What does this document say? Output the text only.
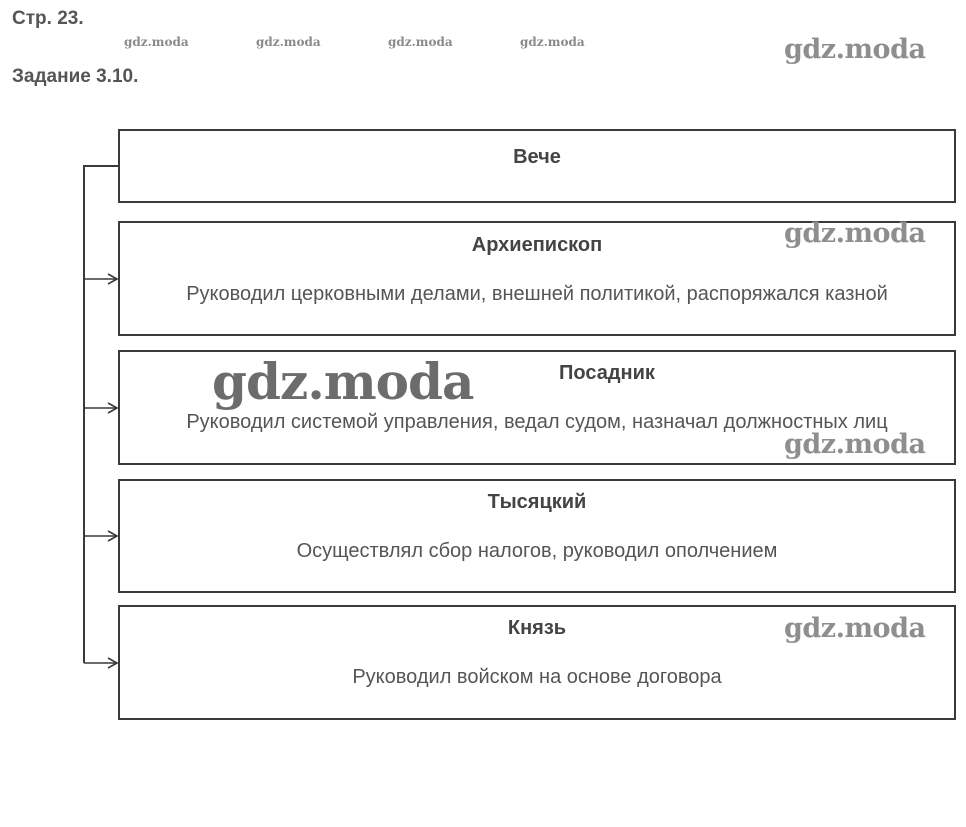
Стр. 23.
Задание 3.10.
gdz.moda	gdz.moda	gdz.moda	gdz.moda
Вече
Архиепископ
Руководил церковными делами, внешней политикой, распоряжался казной
Посадник
Руководил системой управления, ведал судом, назначал должностных лиц
Тысяцкий
Осуществлял сбор налогов, руководил ополчением
Князь
Руководил войском на основе договора
gdz.moda
gdz.moda
gdz.moda
gdz.moda
gdz.moda
